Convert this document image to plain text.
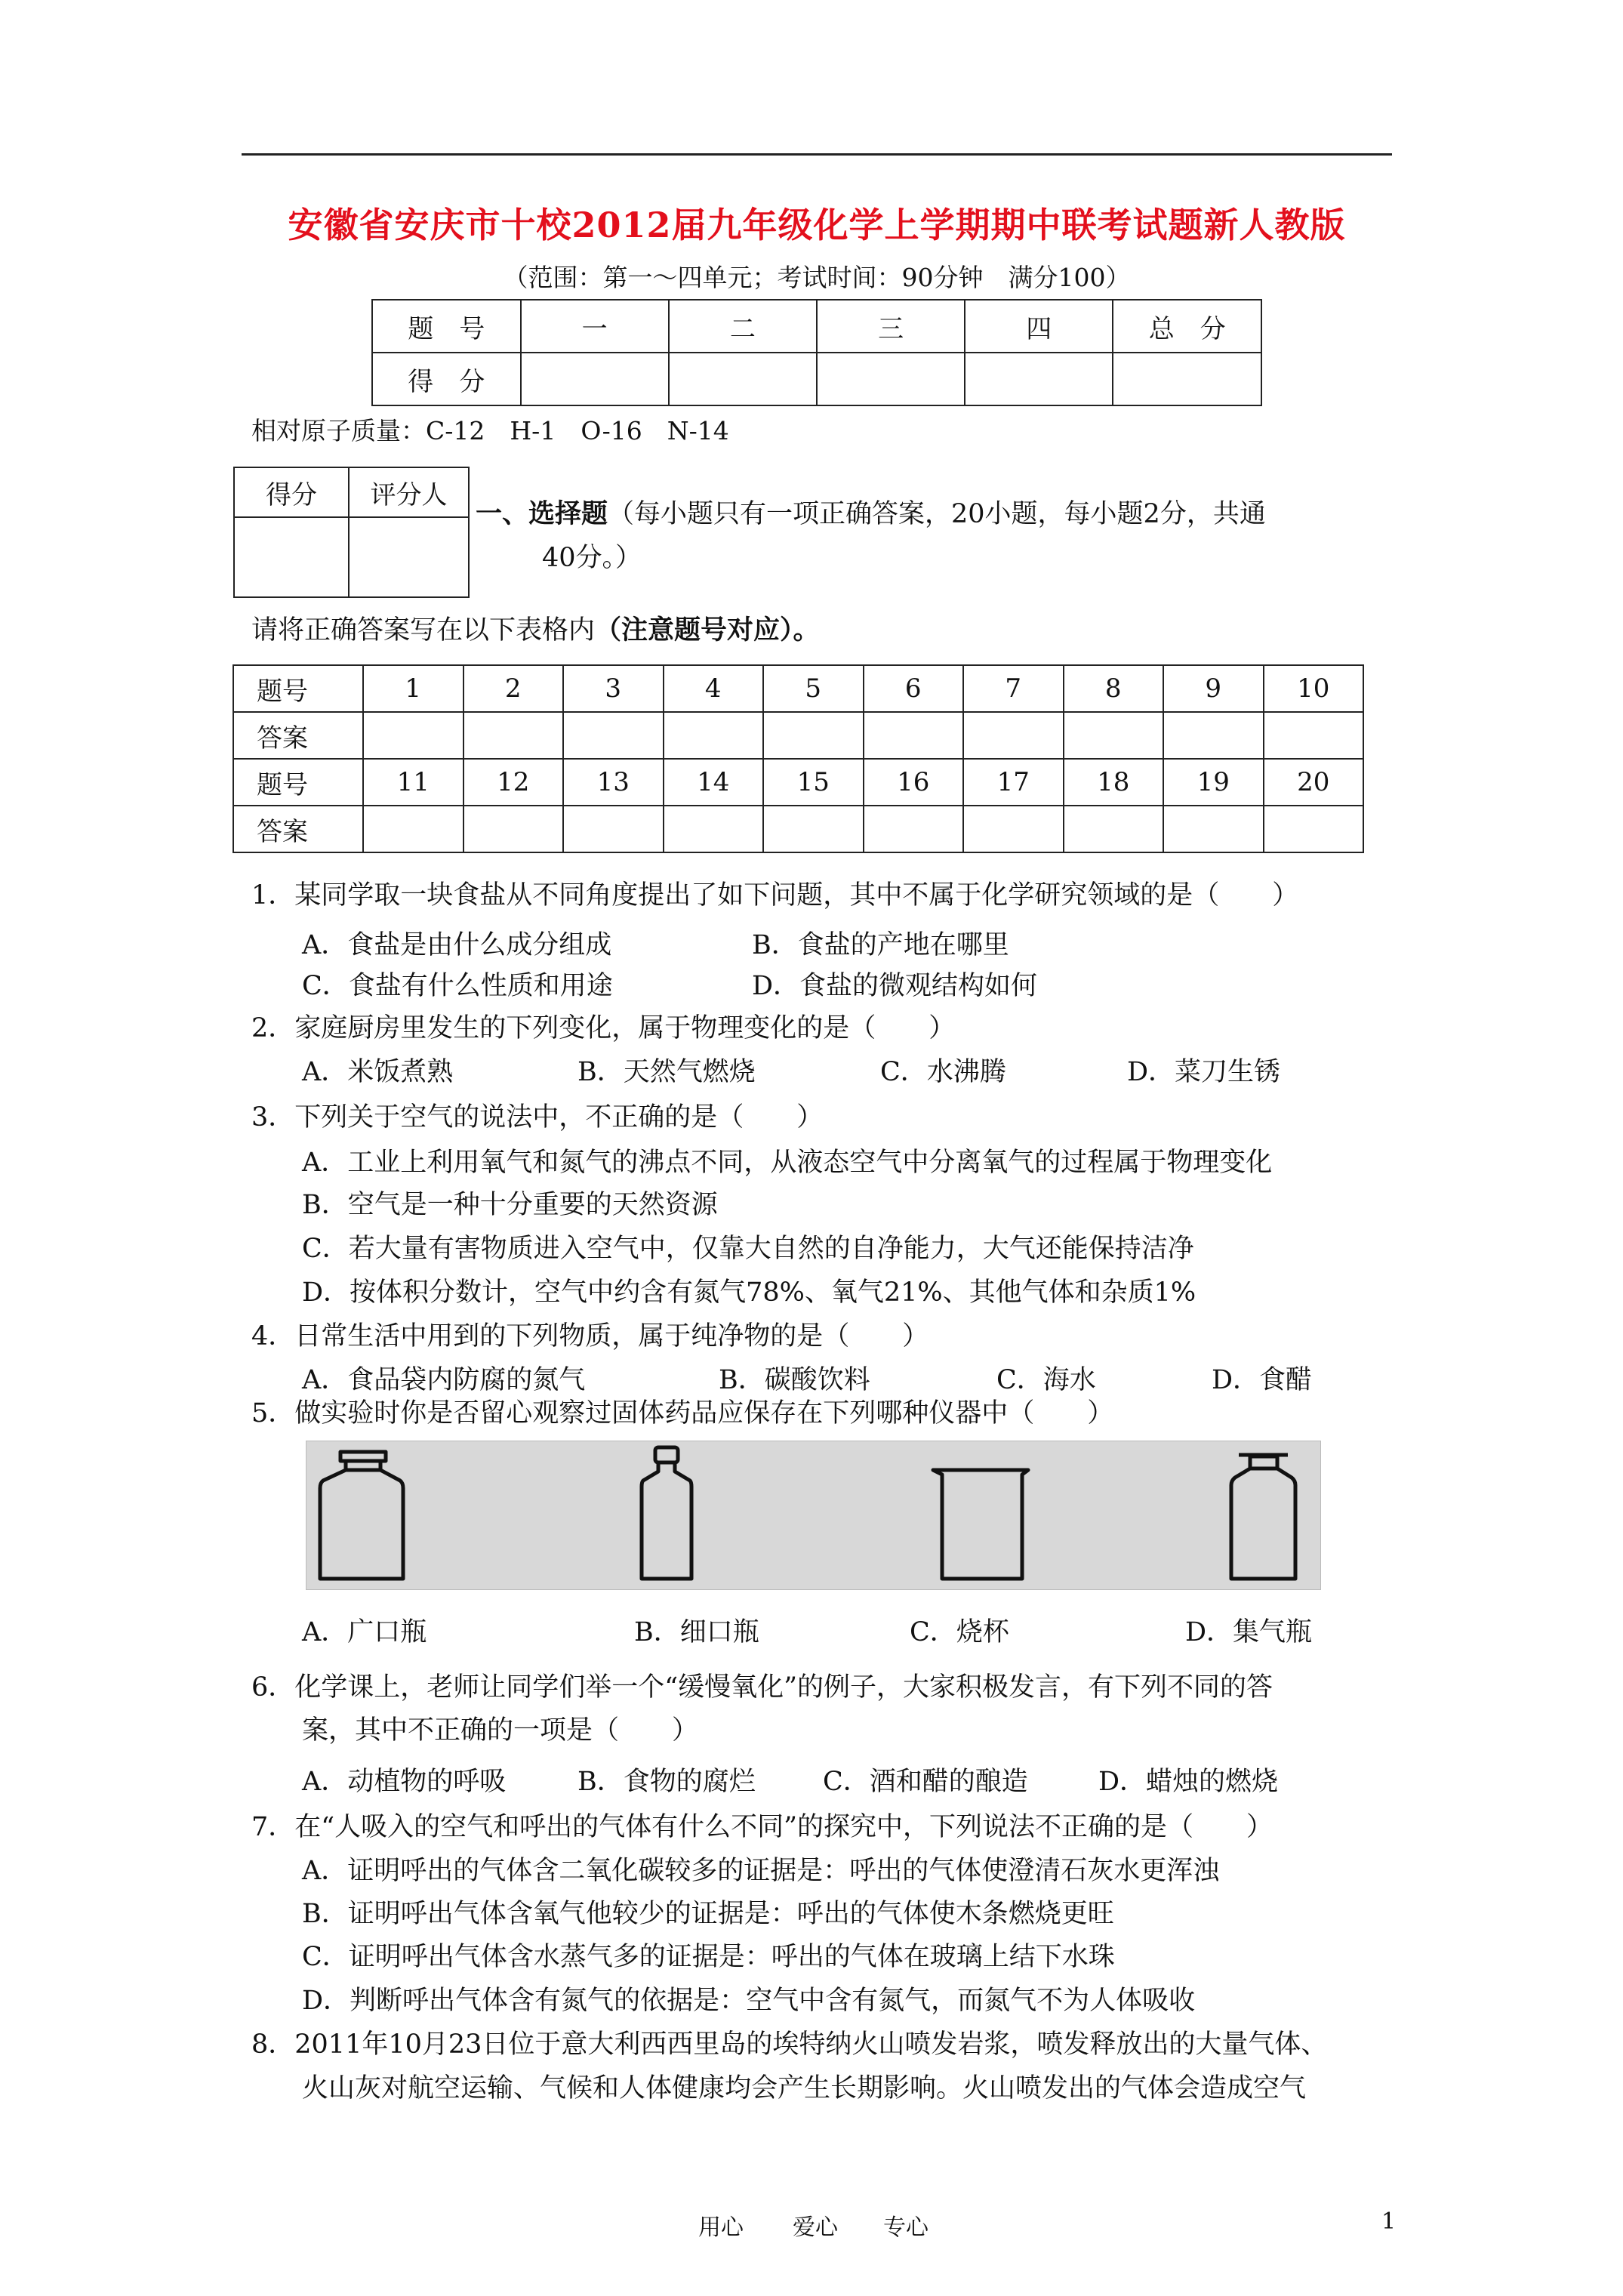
安徽省安庆市十校2012届九年级化学上学期期中联考试题新人教版
（范围：第一～四单元；考试时间：90分钟　满分100）
题　号	一	二	三	四	总　分
得　分					
相对原子质量：C-12　H-1　O-16　N-14
得分	评分人

一、选择题（每小题只有一项正确答案，20小题，每小题2分，共通
40分。）
请将正确答案写在以下表格内（注意题号对应）。
题号	1	2	3	4	5	6	7	8	9	10
答案										
题号	11	12	13	14	15	16	17	18	19	20
答案										
1．某同学取一块食盐从不同角度提出了如下问题，其中不属于化学研究领域的是（　　）
A．食盐是由什么成分组成	B．食盐的产地在哪里
C．食盐有什么性质和用途	D．食盐的微观结构如何
2．家庭厨房里发生的下列变化，属于物理变化的是（　　）
A．米饭煮熟	B．天然气燃烧	C．水沸腾	D．菜刀生锈
3．下列关于空气的说法中，不正确的是（　　）
A．工业上利用氧气和氮气的沸点不同，从液态空气中分离氧气的过程属于物理变化
B．空气是一种十分重要的天然资源
C．若大量有害物质进入空气中，仅靠大自然的自净能力，大气还能保持洁净
D．按体积分数计，空气中约含有氮气78%、氧气21%、其他气体和杂质1%
4．日常生活中用到的下列物质，属于纯净物的是（　　）
A．食品袋内防腐的氮气	B．碳酸饮料	C．海水	D．食醋
5．做实验时你是否留心观察过固体药品应保存在下列哪种仪器中（　　）
A．广口瓶	B．细口瓶	C．烧杯	D．集气瓶
6．化学课上，老师让同学们举一个“缓慢氧化”的例子，大家积极发言，有下列不同的答
案，其中不正确的一项是（　　）
A．动植物的呼吸	B．食物的腐烂	C．酒和醋的酿造	D．蜡烛的燃烧
7．在“人吸入的空气和呼出的气体有什么不同”的探究中，下列说法不正确的是（　　）
A．证明呼出的气体含二氧化碳较多的证据是：呼出的气体使澄清石灰水更浑浊
B．证明呼出气体含氧气他较少的证据是：呼出的气体使木条燃烧更旺
C．证明呼出气体含水蒸气多的证据是：呼出的气体在玻璃上结下水珠
D．判断呼出气体含有氮气的依据是：空气中含有氮气，而氮气不为人体吸收
8．2011年10月23日位于意大利西西里岛的埃特纳火山喷发岩浆，喷发释放出的大量气体、
火山灰对航空运输、气候和人体健康均会产生长期影响。火山喷发出的气体会造成空气
用心 爱心 专心	1
